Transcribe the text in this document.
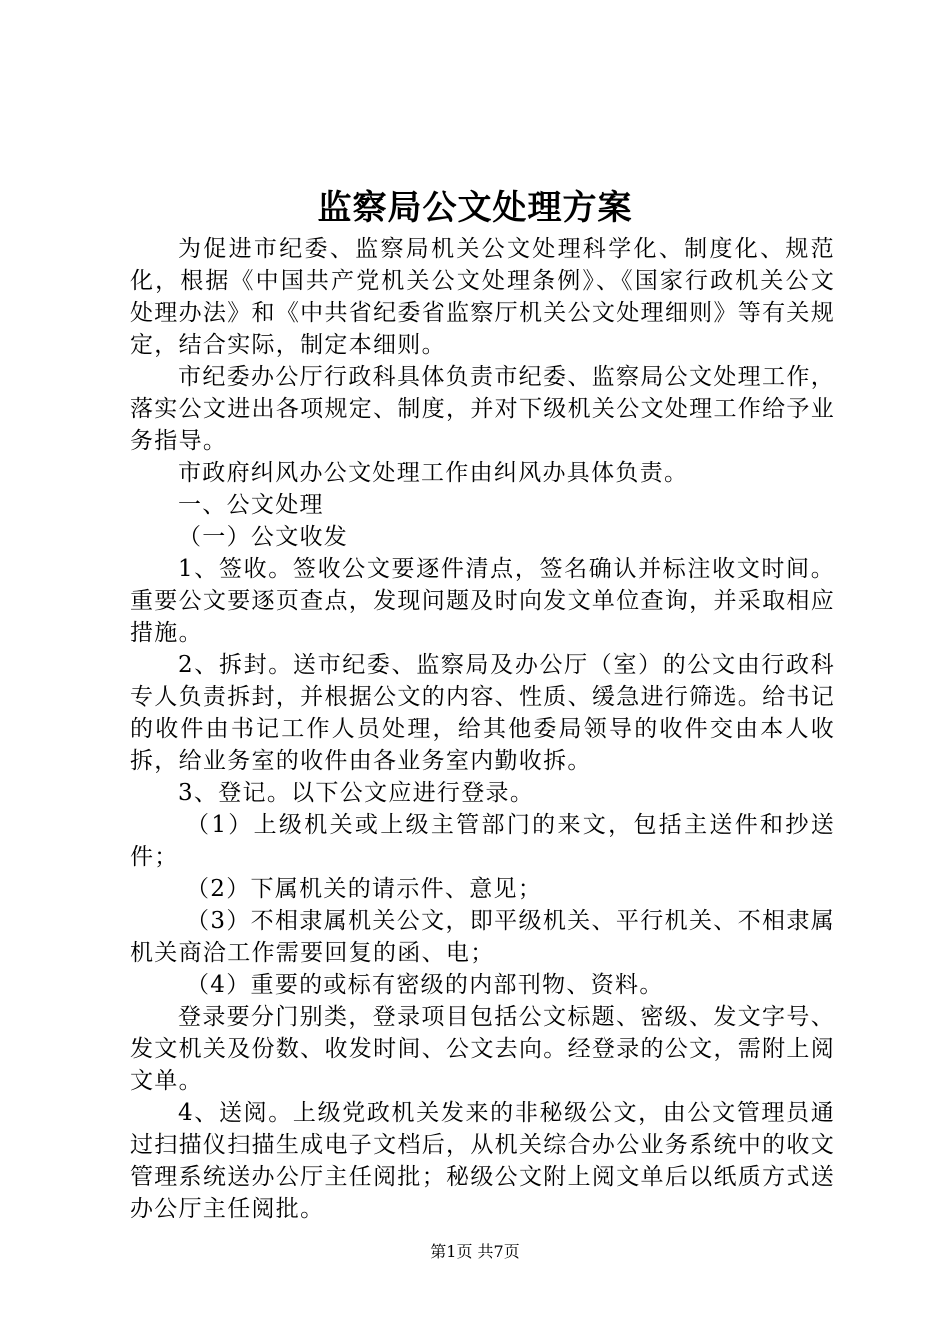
监察局公文处理方案

为促进市纪委、监察局机关公文处理科学化、制度化、规范化，根据《中国共产党机关公文处理条例》、《国家行政机关公文处理办法》和《中共省纪委省监察厅机关公文处理细则》等有关规定，结合实际，制定本细则。

市纪委办公厅行政科具体负责市纪委、监察局公文处理工作，落实公文进出各项规定、制度，并对下级机关公文处理工作给予业务指导。

市政府纠风办公文处理工作由纠风办具体负责。

一、公文处理

（一）公文收发

1、签收。签收公文要逐件清点，签名确认并标注收文时间。重要公文要逐页查点，发现问题及时向发文单位查询，并采取相应措施。

2、拆封。送市纪委、监察局及办公厅（室）的公文由行政科专人负责拆封，并根据公文的内容、性质、缓急进行筛选。给书记的收件由书记工作人员处理，给其他委局领导的收件交由本人收拆，给业务室的收件由各业务室内勤收拆。

3、登记。以下公文应进行登录。

（1）上级机关或上级主管部门的来文，包括主送件和抄送件；

（2）下属机关的请示件、意见；

（3）不相隶属机关公文，即平级机关、平行机关、不相隶属机关商洽工作需要回复的函、电；

（4）重要的或标有密级的内部刊物、资料。

登录要分门别类，登录项目包括公文标题、密级、发文字号、发文机关及份数、收发时间、公文去向。经登录的公文，需附上阅文单。

4、送阅。上级党政机关发来的非秘级公文，由公文管理员通过扫描仪扫描生成电子文档后，从机关综合办公业务系统中的收文管理系统送办公厅主任阅批；秘级公文附上阅文单后以纸质方式送办公厅主任阅批。

第1页 共7页
